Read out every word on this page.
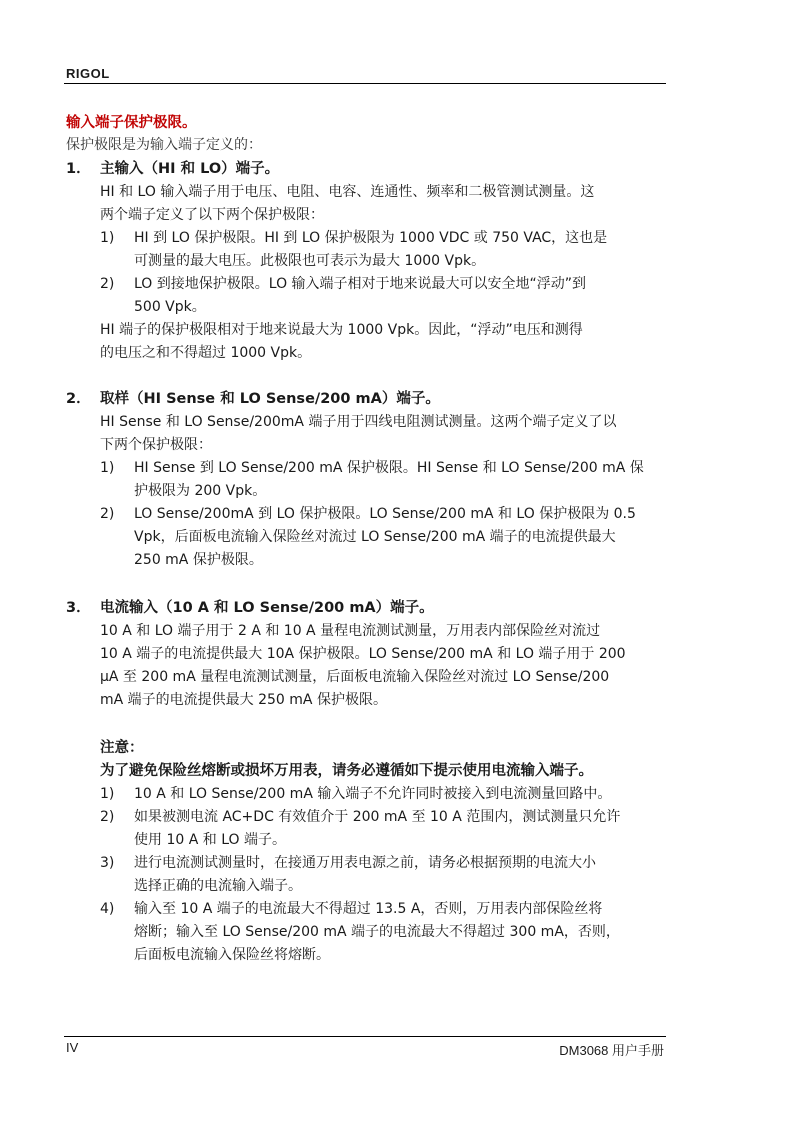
RIGOL
输入端子保护极限。
保护极限是为输入端子定义的：
1． 主输入（HI 和 LO）端子。
HI 和 LO 输入端子用于电压、电阻、电容、连通性、频率和二极管测试测量。这
两个端子定义了以下两个保护极限：
1) HI 到 LO 保护极限。HI 到 LO 保护极限为 1000 VDC 或 750 VAC，这也是
可测量的最大电压。此极限也可表示为最大 1000 Vpk。
2) LO 到接地保护极限。LO 输入端子相对于地来说最大可以安全地“浮动”到
500 Vpk。
HI 端子的保护极限相对于地来说最大为 1000 Vpk。因此，“浮动”电压和测得
的电压之和不得超过 1000 Vpk。
2． 取样（HI Sense 和 LO Sense/200 mA）端子。
HI Sense 和 LO Sense/200mA 端子用于四线电阻测试测量。这两个端子定义了以
下两个保护极限：
1) HI Sense 到 LO Sense/200 mA 保护极限。HI Sense 和 LO Sense/200 mA 保
护极限为 200 Vpk。
2) LO Sense/200mA 到 LO 保护极限。LO Sense/200 mA 和 LO 保护极限为 0.5
Vpk，后面板电流输入保险丝对流过 LO Sense/200 mA 端子的电流提供最大
250 mA 保护极限。
3． 电流输入（10 A 和 LO Sense/200 mA）端子。
10 A 和 LO 端子用于 2 A 和 10 A 量程电流测试测量，万用表内部保险丝对流过
10 A 端子的电流提供最大 10A 保护极限。LO Sense/200 mA 和 LO 端子用于 200
μA 至 200 mA 量程电流测试测量，后面板电流输入保险丝对流过 LO Sense/200
mA 端子的电流提供最大 250 mA 保护极限。
注意：
为了避免保险丝熔断或损坏万用表，请务必遵循如下提示使用电流输入端子。
1) 10 A 和 LO Sense/200 mA 输入端子不允许同时被接入到电流测量回路中。
2) 如果被测电流 AC+DC 有效值介于 200 mA 至 10 A 范围内，测试测量只允许
使用 10 A 和 LO 端子。
3) 进行电流测试测量时，在接通万用表电源之前，请务必根据预期的电流大小
选择正确的电流输入端子。
4) 输入至 10 A 端子的电流最大不得超过 13.5 A，否则，万用表内部保险丝将
熔断；输入至 LO Sense/200 mA 端子的电流最大不得超过 300 mA，否则，
后面板电流输入保险丝将熔断。
IV	DM3068 用户手册
